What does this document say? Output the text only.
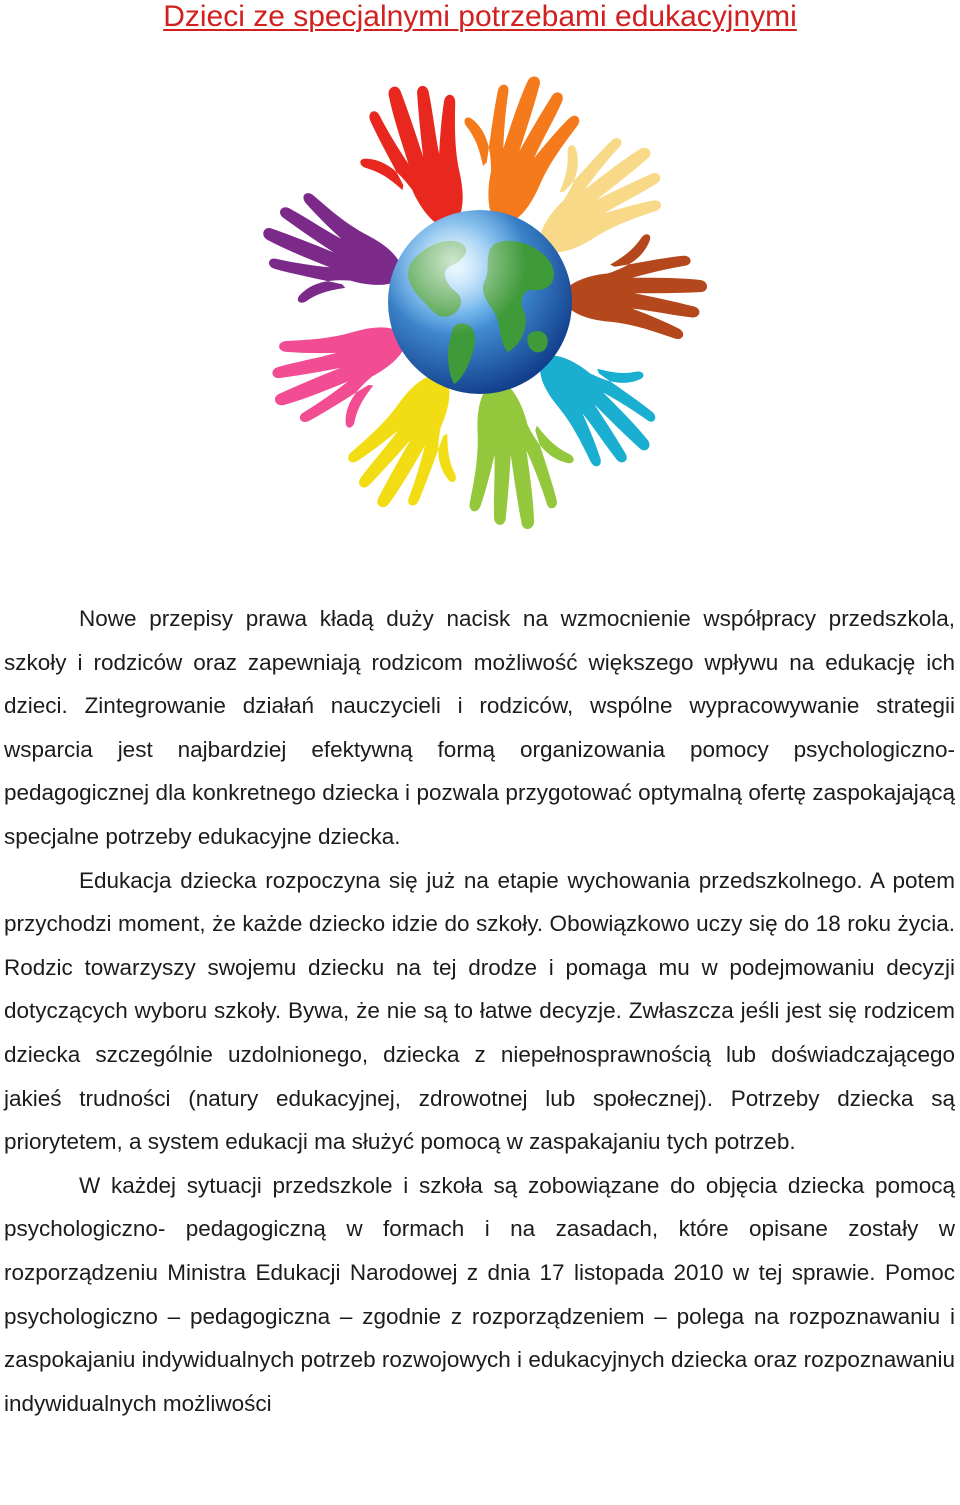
Dzieci ze specjalnymi potrzebami edukacyjnymi

Nowe przepisy prawa kładą duży nacisk na wzmocnienie współpracy przedszkola, szkoły i rodziców oraz zapewniają rodzicom możliwość większego wpływu na edukację ich dzieci. Zintegrowanie działań nauczycieli i rodziców, wspólne wypracowywanie strategii wsparcia jest najbardziej efektywną formą organizowania pomocy psychologiczno-pedagogicznej dla konkretnego dziecka i pozwala przygotować optymalną ofertę zaspokajającą specjalne potrzeby edukacyjne dziecka.

Edukacja dziecka rozpoczyna się już na etapie wychowania przedszkolnego. A potem przychodzi moment, że każde dziecko idzie do szkoły. Obowiązkowo uczy się do 18 roku życia. Rodzic towarzyszy swojemu dziecku na tej drodze i pomaga mu w podejmowaniu decyzji dotyczących wyboru szkoły. Bywa, że nie są to łatwe decyzje. Zwłaszcza jeśli jest się rodzicem dziecka szczególnie uzdolnionego, dziecka z niepełnosprawnością lub doświadczającego jakieś trudności (natury edukacyjnej, zdrowotnej lub społecznej). Potrzeby dziecka są priorytetem, a system edukacji ma służyć pomocą w zaspakajaniu tych potrzeb.

W każdej sytuacji przedszkole i szkoła są zobowiązane do objęcia dziecka pomocą psychologiczno- pedagogiczną w formach i na zasadach, które opisane zostały w rozporządzeniu Ministra Edukacji Narodowej z dnia 17 listopada 2010 w tej sprawie. Pomoc psychologiczno – pedagogiczna – zgodnie z rozporządzeniem – polega na rozpoznawaniu i zaspokajaniu indywidualnych potrzeb rozwojowych i edukacyjnych dziecka oraz rozpoznawaniu indywidualnych możliwości
